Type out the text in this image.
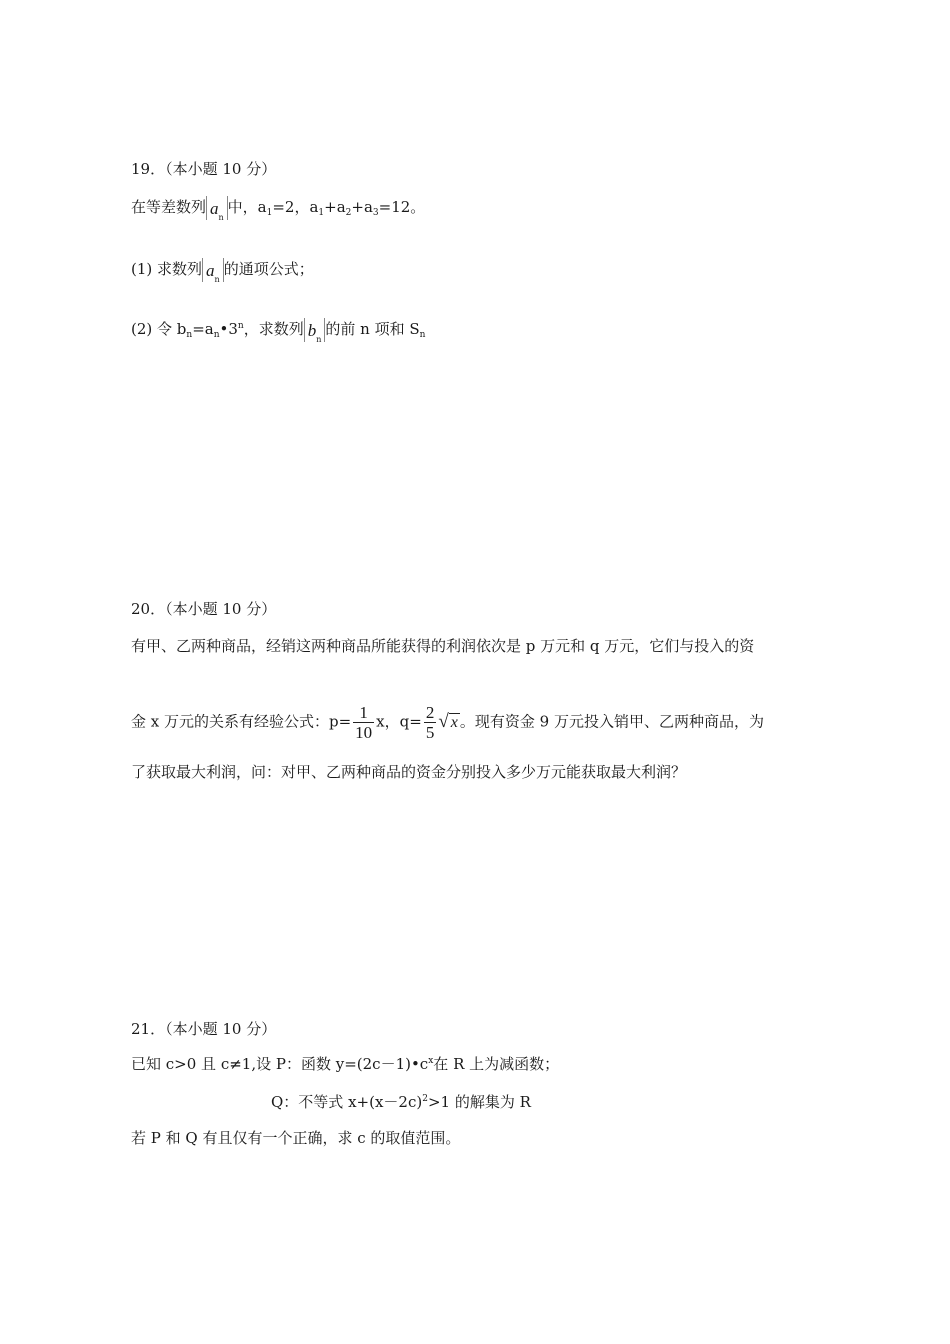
19．（本小题 10 分）
在等差数列 $a_n$中，$a_1=2$，$a_1+a_2+a_3=12$。
(1) 求数列 $a_n$的通项公式；
(2) 令 $b_n=a_n•3^n$，求数列 $b_n$的前 n 项和 $S_n$
20．（本小题 10 分）
有甲、乙两种商品，经销这两种商品所能获得的利润依次是 p 万元和 q 万元，它们与投入的资
金 x 万元的关系有经验公式：$p= \frac{1}{10}$ x，$q= \frac{2}{5}$ √ x 。现有资金 9 万元投入销甲、乙两种商品，为
了获取最大利润，问：对甲、乙两种商品的资金分别投入多少万元能获取最大利润？
21．（本小题 10 分）
已知 c>0 且 c≠1,设 P：函数 $y=(2c-1)•c^x$在 R 上为减函数；
Q：不等式 $x+(x-2c)^2>1$ 的解集为 R
若 P 和 Q 有且仅有一个正确，求 c 的取值范围。
